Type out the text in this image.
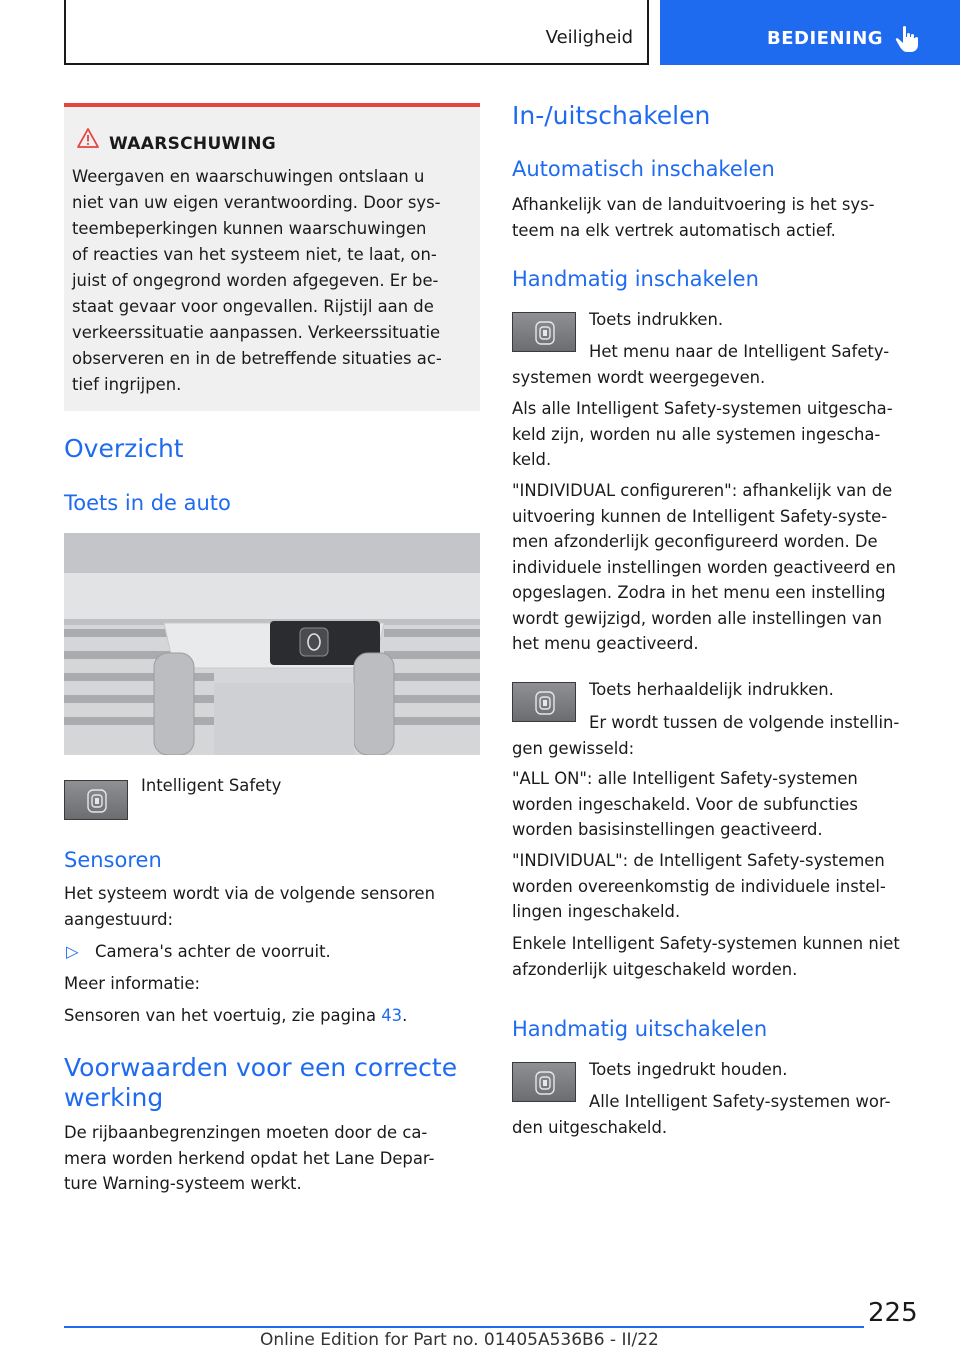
Veiligheid	BEDIENING
WAARSCHUWING
Weergaven en waarschuwingen ontslaan u
niet van uw eigen verantwoording. Door sys-
teembeperkingen kunnen waarschuwingen
of reacties van het systeem niet, te laat, on-
juist of ongegrond worden afgegeven. Er be-
staat gevaar voor ongevallen. Rijstijl aan de
verkeerssituatie aanpassen. Verkeerssituatie
observeren en in de betreffende situaties ac-
tief ingrijpen.
Overzicht
Toets in de auto
Intelligent Safety
Sensoren
Het systeem wordt via de volgende sensoren
aangestuurd:
▷ Camera's achter de voorruit.
Meer informatie:
Sensoren van het voertuig, zie pagina 43.
Voorwaarden voor een correcte
werking
De rijbaanbegrenzingen moeten door de ca-
mera worden herkend opdat het Lane Depar-
ture Warning-systeem werkt.
In-/uitschakelen
Automatisch inschakelen
Afhankelijk van de landuitvoering is het sys-
teem na elk vertrek automatisch actief.
Handmatig inschakelen
Toets indrukken.
Het menu naar de Intelligent Safety-
systemen wordt weergegeven.
Als alle Intelligent Safety-systemen uitgescha-
keld zijn, worden nu alle systemen ingescha-
keld.
"INDIVIDUAL configureren": afhankelijk van de
uitvoering kunnen de Intelligent Safety-syste-
men afzonderlijk geconfigureerd worden. De
individuele instellingen worden geactiveerd en
opgeslagen. Zodra in het menu een instelling
wordt gewijzigd, worden alle instellingen van
het menu geactiveerd.
Toets herhaaldelijk indrukken.
Er wordt tussen de volgende instellin-
gen gewisseld:
"ALL ON": alle Intelligent Safety-systemen
worden ingeschakeld. Voor de subfuncties
worden basisinstellingen geactiveerd.
"INDIVIDUAL": de Intelligent Safety-systemen
worden overeenkomstig de individuele instel-
lingen ingeschakeld.
Enkele Intelligent Safety-systemen kunnen niet
afzonderlijk uitgeschakeld worden.
Handmatig uitschakelen
Toets ingedrukt houden.
Alle Intelligent Safety-systemen wor-
den uitgeschakeld.
225
Online Edition for Part no. 01405A536B6 - II/22
